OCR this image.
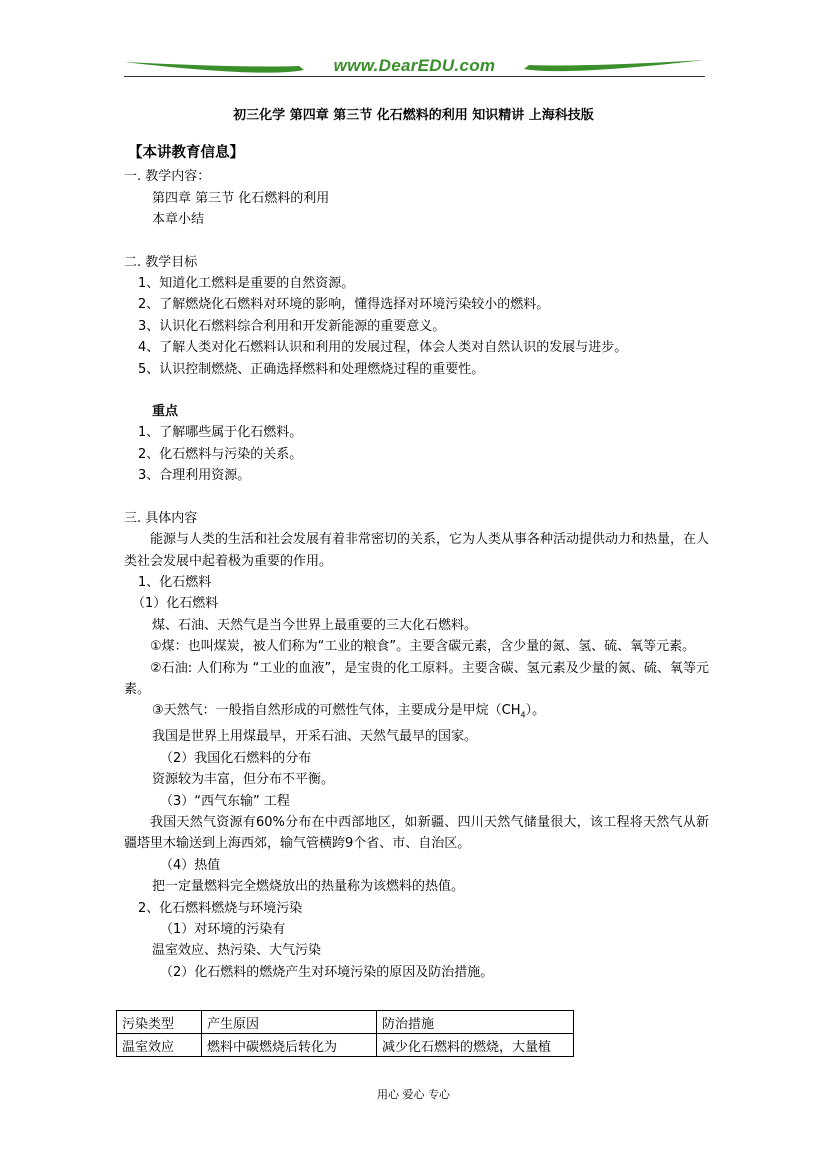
www.DearEDU.com
初三化学 第四章 第三节 化石燃料的利用 知识精讲 上海科技版
【本讲教育信息】
一. 教学内容：
第四章 第三节 化石燃料的利用
本章小结
二. 教学目标
1、知道化工燃料是重要的自然资源。
2、了解燃烧化石燃料对环境的影响，懂得选择对环境污染较小的燃料。
3、认识化石燃料综合利用和开发新能源的重要意义。
4、了解人类对化石燃料认识和利用的发展过程，体会人类对自然认识的发展与进步。
5、认识控制燃烧、正确选择燃料和处理燃烧过程的重要性。
重点
1、了解哪些属于化石燃料。
2、化石燃料与污染的关系。
3、合理利用资源。
三. 具体内容
能源与人类的生活和社会发展有着非常密切的关系，它为人类从事各种活动提供动力和热量，在人类社会发展中起着极为重要的作用。
1、化石燃料
（1）化石燃料
煤、石油、天然气是当今世界上最重要的三大化石燃料。
①煤：也叫煤炭，被人们称为“工业的粮食”。主要含碳元素，含少量的氮、氢、硫、氧等元素。
②石油: 人们称为 “工业的血液”，是宝贵的化工原料。主要含碳、氢元素及少量的氮、硫、氧等元素。
③天然气：一般指自然形成的可燃性气体，主要成分是甲烷$(CH_4)$。
我国是世界上用煤最早，开采石油、天然气最早的国家。
（2）我国化石燃料的分布
资源较为丰富，但分布不平衡。
（3）“西气东输” 工程
我国天然气资源有60%分布在中西部地区，如新疆、四川天然气储量很大，该工程将天然气从新疆塔里木输送到上海西郊，输气管横跨9个省、市、自治区。
（4）热值
把一定量燃料完全燃烧放出的热量称为该燃料的热值。
2、化石燃料燃烧与环境污染
（1）对环境的污染有
温室效应、热污染、大气污染
（2）化石燃料的燃烧产生对环境污染的原因及防治措施。
污染类型	产生原因	防治措施
温室效应	燃料中碳燃烧后转化为	减少化石燃料的燃烧，大量植
用心 爱心 专心
